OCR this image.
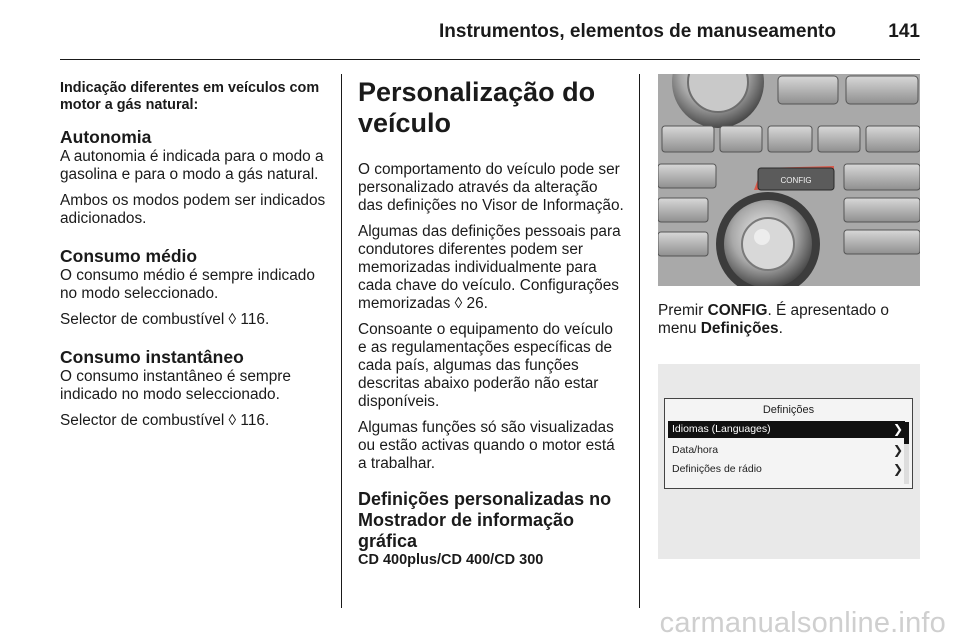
Instrumentos, elementos de manuseamento	141

Indicação diferentes em veículos com motor a gás natural:

Autonomia

A autonomia é indicada para o modo a gasolina e para o modo a gás natural.

Ambos os modos podem ser indicados adicionados.

Consumo médio

O consumo médio é sempre indicado no modo seleccionado.

Selector de combustível ◊ 116.

Consumo instantâneo

O consumo instantâneo é sempre indicado no modo seleccionado.

Selector de combustível ◊ 116.

Personalização do veículo

O comportamento do veículo pode ser personalizado através da alteração das definições no Visor de Informação.

Algumas das definições pessoais para condutores diferentes podem ser memorizadas individualmente para cada chave do veículo. Configurações memorizadas ◊ 26.

Consoante o equipamento do veículo e as regulamentações específicas de cada país, algumas das funções descritas abaixo poderão não estar disponíveis.

Algumas funções só são visualizadas ou estão activas quando o motor está a trabalhar.

Definições personalizadas no Mostrador de informação gráfica

CD 400plus/CD 400/CD 300

CONFIG
Premir CONFIG. É apresentado o menu Definições.
Definições
Idiomas (Languages)	❯
Data/hora	❯
Definições de rádio	❯
carmanualsonline.info
